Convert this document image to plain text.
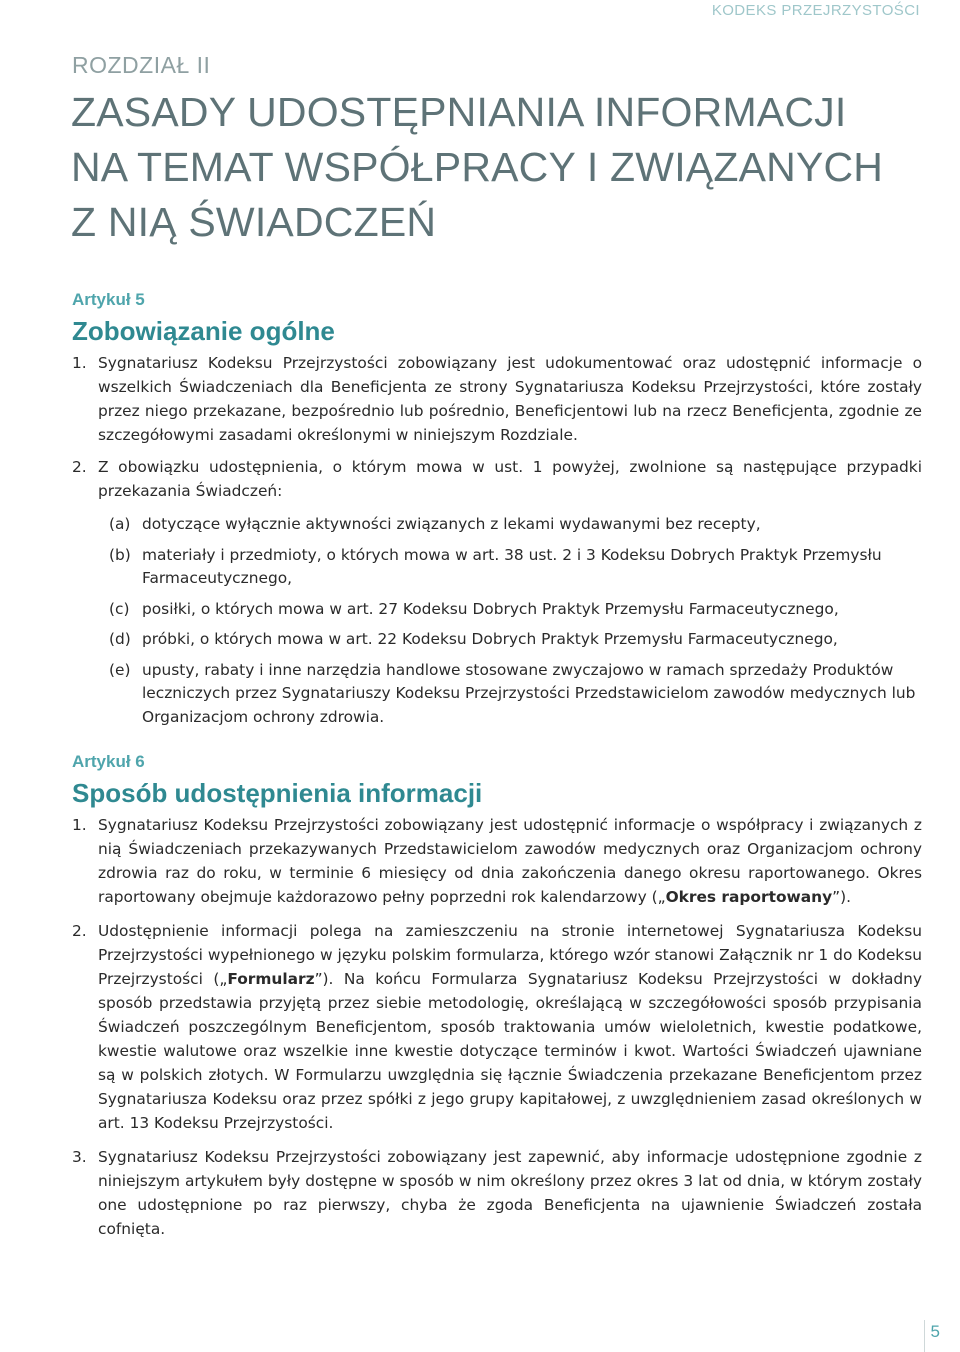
KODEKS PRZEJRZYSTOŚCI
ROZDZIAŁ II
ZASADY UDOSTĘPNIANIA INFORMACJI
NA TEMAT WSPÓŁPRACY I ZWIĄZANYCH
Z NIĄ ŚWIADCZEŃ
Artykuł 5
Zobowiązanie ogólne
1. Sygnatariusz Kodeksu Przejrzystości zobowiązany jest udokumentować oraz udostępnić informacje o wszelkich Świadczeniach dla Beneficjenta ze strony Sygnatariusza Kodeksu Przejrzystości, które zostały przez niego przekazane, bezpośrednio lub pośrednio, Beneficjentowi lub na rzecz Beneficjenta, zgodnie ze szczegółowymi zasadami określonymi w niniejszym Rozdziale.
2. Z obowiązku udostępnienia, o którym mowa w ust. 1 powyżej, zwolnione są następujące przypadki przekazania Świadczeń:
(a) dotyczące wyłącznie aktywności związanych z lekami wydawanymi bez recepty,
(b) materiały i przedmioty, o których mowa w art. 38 ust. 2 i 3 Kodeksu Dobrych Praktyk Przemysłu Farmaceutycznego,
(c) posiłki, o których mowa w art. 27 Kodeksu Dobrych Praktyk Przemysłu Farmaceutycznego,
(d) próbki, o których mowa w art. 22 Kodeksu Dobrych Praktyk Przemysłu Farmaceutycznego,
(e) upusty, rabaty i inne narzędzia handlowe stosowane zwyczajowo w ramach sprzedaży Produktów leczniczych przez Sygnatariuszy Kodeksu Przejrzystości Przedstawicielom zawodów medycznych lub Organizacjom ochrony zdrowia.
Artykuł 6
Sposób udostępnienia informacji
1. Sygnatariusz Kodeksu Przejrzystości zobowiązany jest udostępnić informacje o współpracy i związanych z nią Świadczeniach przekazywanych Przedstawicielom zawodów medycznych oraz Organizacjom ochrony zdrowia raz do roku, w terminie 6 miesięcy od dnia zakończenia danego okresu raportowanego. Okres raportowany obejmuje każdorazowo pełny poprzedni rok kalendarzowy („Okres raportowany”).
2. Udostępnienie informacji polega na zamieszczeniu na stronie internetowej Sygnatariusza Kodeksu Przejrzystości wypełnionego w języku polskim formularza, którego wzór stanowi Załącznik nr 1 do Kodeksu Przejrzystości („Formularz”). Na końcu Formularza Sygnatariusz Kodeksu Przejrzystości w dokładny sposób przedstawia przyjętą przez siebie metodologię, określającą w szczegółowości sposób przypisania Świadczeń poszczególnym Beneficjentom, sposób traktowania umów wieloletnich, kwestie podatkowe, kwestie walutowe oraz wszelkie inne kwestie dotyczące terminów i kwot. Wartości Świadczeń ujawniane są w polskich złotych. W Formularzu uwzględnia się łącznie Świadczenia przekazane Beneficjentom przez Sygnatariusza Kodeksu oraz przez spółki z jego grupy kapitałowej, z uwzględnieniem zasad określonych w art. 13 Kodeksu Przejrzystości.
3. Sygnatariusz Kodeksu Przejrzystości zobowiązany jest zapewnić, aby informacje udostępnione zgodnie z niniejszym artykułem były dostępne w sposób w nim określony przez okres 3 lat od dnia, w którym zostały one udostępnione po raz pierwszy, chyba że zgoda Beneficjenta na ujawnienie Świadczeń została cofnięta.
5
